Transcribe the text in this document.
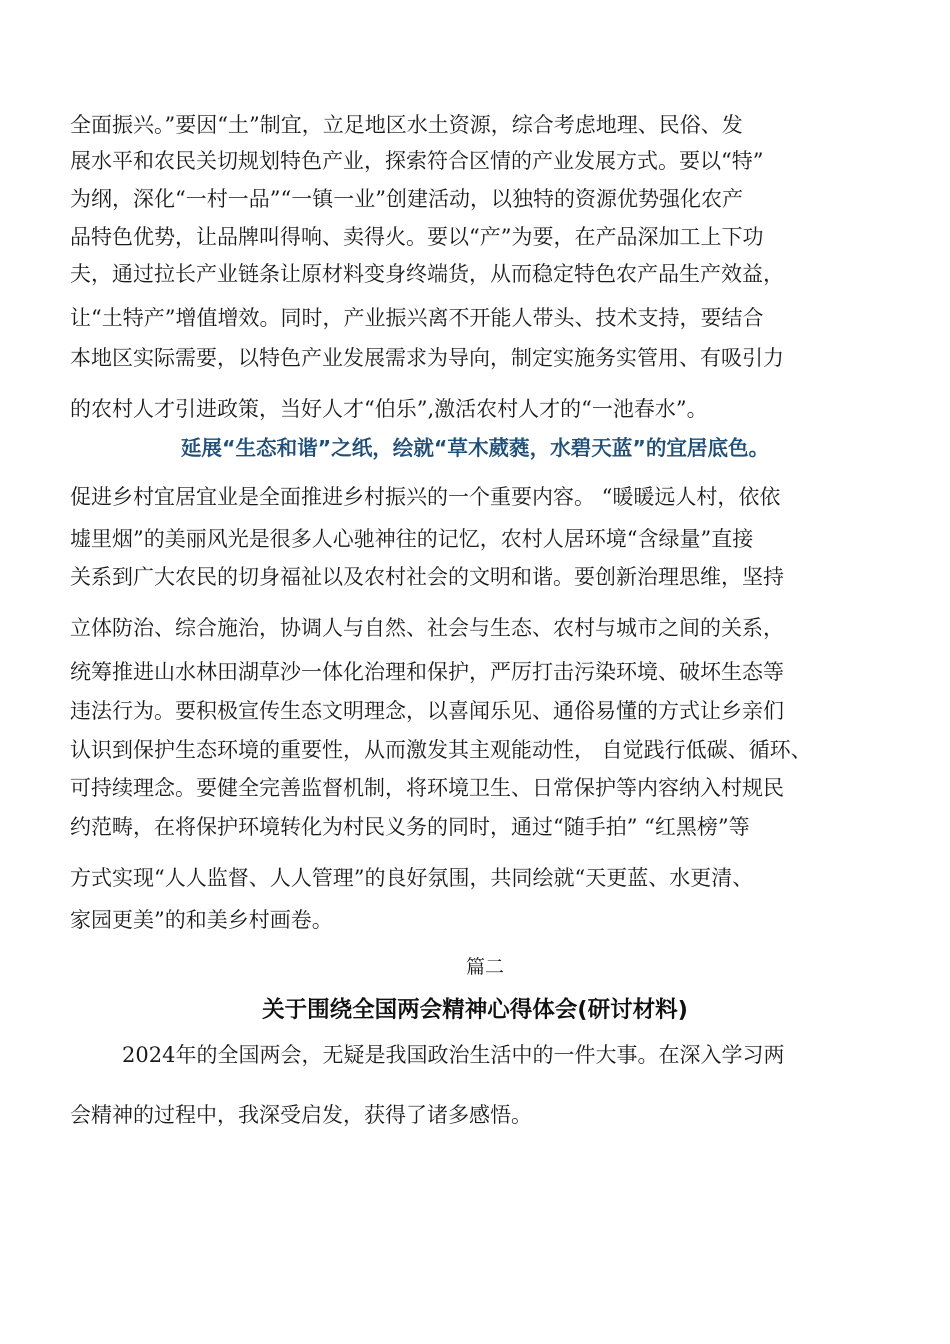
全面振兴。”要因“土”制宜，立足地区水土资源，综合考虑地理、民俗、发
展水平和农民关切规划特色产业，探索符合区情的产业发展方式。要以“特”
为纲，深化“一村一品”“一镇一业”创建活动，以独特的资源优势强化农产
品特色优势，让品牌叫得响、卖得火。要以“产”为要，在产品深加工上下功
夫，通过拉长产业链条让原材料变身终端货，从而稳定特色农产品生产效益，
让“土特产”增值增效。同时，产业振兴离不开能人带头、技术支持，要结合
本地区实际需要，以特色产业发展需求为导向，制定实施务实管用、有吸引力
的农村人才引进政策，当好人才“伯乐”,激活农村人才的“一池春水”。
延展“生态和谐”之纸，绘就“草木葳蕤，水碧天蓝”的宜居底色。
促进乡村宜居宜业是全面推进乡村振兴的一个重要内容。 “暖暖远人村，依依
墟里烟”的美丽风光是很多人心驰神往的记忆，农村人居环境“含绿量”直接
关系到广大农民的切身福祉以及农村社会的文明和谐。要创新治理思维，坚持
立体防治、综合施治，协调人与自然、社会与生态、农村与城市之间的关系，
统筹推进山水林田湖草沙一体化治理和保护，严厉打击污染环境、破坏生态等
违法行为。要积极宣传生态文明理念，以喜闻乐见、通俗易懂的方式让乡亲们
认识到保护生态环境的重要性，从而激发其主观能动性， 自觉践行低碳、循环、
可持续理念。要健全完善监督机制，将环境卫生、日常保护等内容纳入村规民
约范畴，在将保护环境转化为村民义务的同时，通过“随手拍” “红黑榜”等
方式实现“人人监督、人人管理”的良好氛围，共同绘就“天更蓝、水更清、
家园更美”的和美乡村画卷。
篇二
关于围绕全国两会精神心得体会(研讨材料)
2024年的全国两会，无疑是我国政治生活中的一件大事。在深入学习两
会精神的过程中，我深受启发，获得了诸多感悟。
